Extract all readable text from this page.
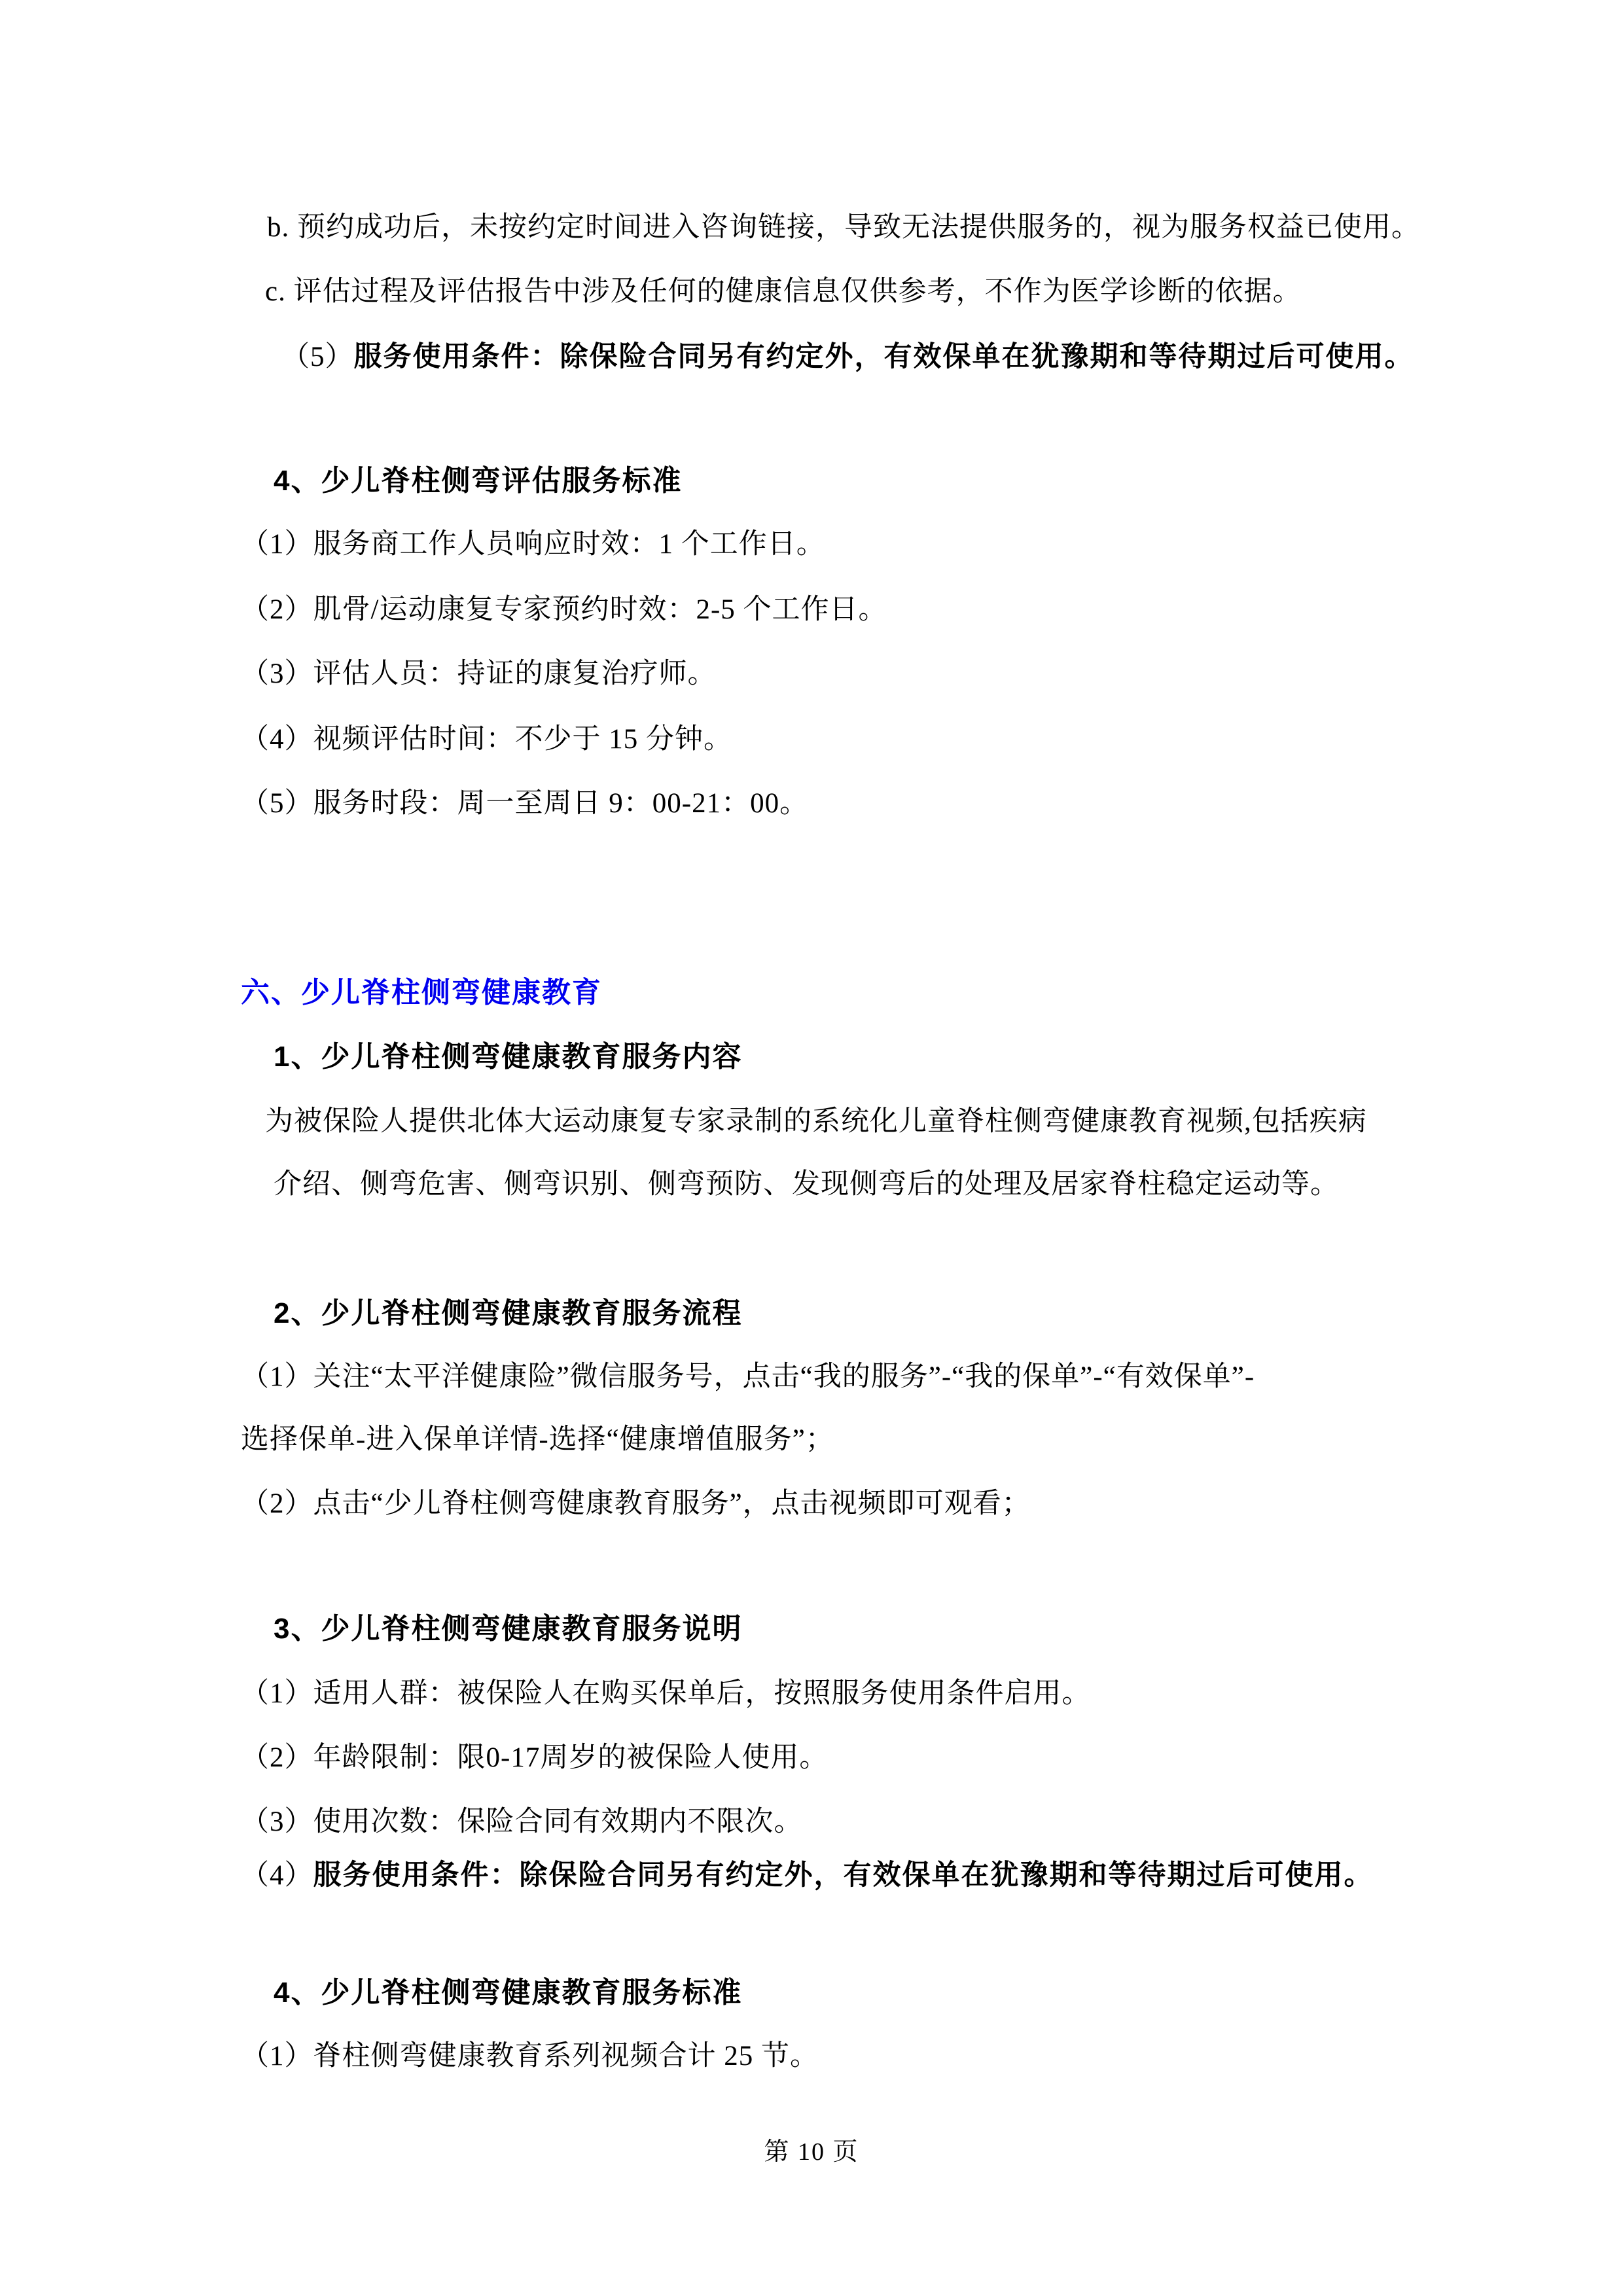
b. 预约成功后，未按约定时间进入咨询链接，导致无法提供服务的，视为服务权益已使用。

c. 评估过程及评估报告中涉及任何的健康信息仅供参考，不作为医学诊断的依据。

（5）服务使用条件：除保险合同另有约定外，有效保单在犹豫期和等待期过后可使用。

4、少儿脊柱侧弯评估服务标准

（1）服务商工作人员响应时效：1 个工作日。

（2）肌骨/运动康复专家预约时效：2-5 个工作日。

（3）评估人员：持证的康复治疗师。

（4）视频评估时间：不少于 15 分钟。

（5）服务时段：周一至周日 9：00-21：00。

六、少儿脊柱侧弯健康教育

1、少儿脊柱侧弯健康教育服务内容

为被保险人提供北体大运动康复专家录制的系统化儿童脊柱侧弯健康教育视频,包括疾病

介绍、侧弯危害、侧弯识别、侧弯预防、发现侧弯后的处理及居家脊柱稳定运动等。

2、少儿脊柱侧弯健康教育服务流程

（1）关注“太平洋健康险”微信服务号，点击“我的服务”-“我的保单”-“有效保单”-

选择保单-进入保单详情-选择“健康增值服务”；

（2）点击“少儿脊柱侧弯健康教育服务”，点击视频即可观看；

3、少儿脊柱侧弯健康教育服务说明

（1）适用人群：被保险人在购买保单后，按照服务使用条件启用。

（2）年龄限制：限0-17周岁的被保险人使用。

（3）使用次数：保险合同有效期内不限次。

（4）服务使用条件：除保险合同另有约定外，有效保单在犹豫期和等待期过后可使用。

4、少儿脊柱侧弯健康教育服务标准

（1）脊柱侧弯健康教育系列视频合计 25 节。

第 10 页
